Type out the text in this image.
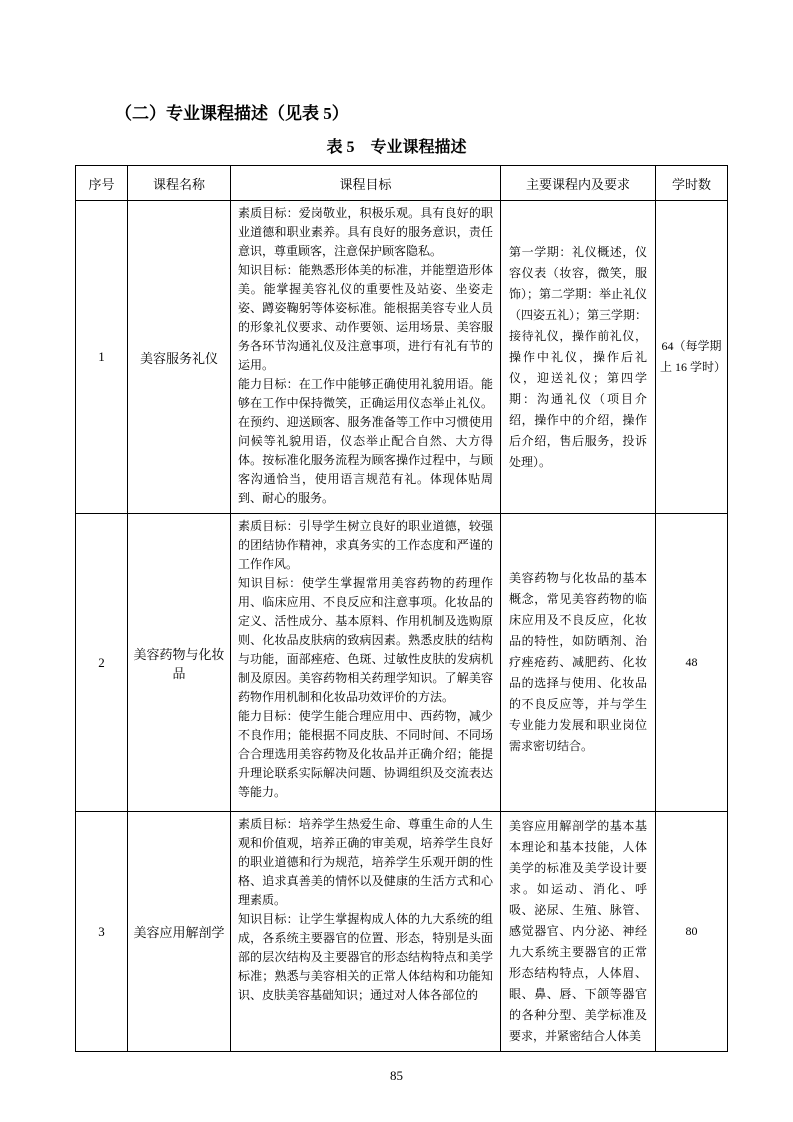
（二）专业课程描述（见表 5）

表 5　专业课程描述

序号	课程名称	课程目标	主要课程内及要求	学时数
1	美容服务礼仪	素质目标：爱岗敬业，积极乐观。具有良好的职业道德和职业素养。具有良好的服务意识，责任意识，尊重顾客，注意保护顾客隐私。

知识目标：能熟悉形体美的标准，并能塑造形体美。能掌握美容礼仪的重要性及站姿、坐姿走姿、蹲姿鞠躬等体姿标准。能根据美容专业人员的形象礼仪要求、动作要领、运用场景、美容服务各环节沟通礼仪及注意事项，进行有礼有节的运用。

能力目标：在工作中能够正确使用礼貌用语。能够在工作中保持微笑，正确运用仪态举止礼仪。在预约、迎送顾客、服务准备等工作中习惯使用问候等礼貌用语，仪态举止配合自然、大方得体。按标准化服务流程为顾客操作过程中，与顾客沟通恰当，使用语言规范有礼。体现体贴周到、耐心的服务。	第一学期：礼仪概述，仪容仪表（妆容，微笑，服饰）；第二学期：举止礼仪（四姿五礼）；第三学期：接待礼仪，操作前礼仪，操作中礼仪，操作后礼仪，迎送礼仪；第四学期：沟通礼仪（项目介绍，操作中的介绍，操作后介绍，售后服务，投诉处理）。	64（每学期上 16 学时）
2	美容药物与化妆品	素质目标：引导学生树立良好的职业道德，较强的团结协作精神，求真务实的工作态度和严谨的工作作风。

知识目标：使学生掌握常用美容药物的药理作用、临床应用、不良反应和注意事项。化妆品的定义、活性成分、基本原料、作用机制及选购原则、化妆品皮肤病的致病因素。熟悉皮肤的结构与功能，面部痤疮、色斑、过敏性皮肤的发病机制及原因。美容药物相关药理学知识。了解美容药物作用机制和化妆品功效评价的方法。

能力目标：使学生能合理应用中、西药物，减少不良作用；能根据不同皮肤、不同时间、不同场合合理选用美容药物及化妆品并正确介绍；能提升理论联系实际解决问题、协调组织及交流表达等能力。	美容药物与化妆品的基本概念，常见美容药物的临床应用及不良反应，化妆品的特性，如防晒剂、治疗痤疮药、减肥药、化妆品的选择与使用、化妆品的不良反应等，并与学生专业能力发展和职业岗位需求密切结合。	48
3	美容应用解剖学	素质目标：培养学生热爱生命、尊重生命的人生观和价值观，培养正确的审美观，培养学生良好的职业道德和行为规范，培养学生乐观开朗的性格、追求真善美的情怀以及健康的生活方式和心理素质。

知识目标：让学生掌握构成人体的九大系统的组成，各系统主要器官的位置、形态，特别是头面部的层次结构及主要器官的形态结构特点和美学标准；熟悉与美容相关的正常人体结构和功能知识、皮肤美容基础知识；通过对人体各部位的	美容应用解剖学的基本基本理论和基本技能，人体美学的标准及美学设计要求。如运动、消化、呼吸、泌尿、生殖、脉管、感觉器官、内分泌、神经九大系统主要器官的正常形态结构特点，人体眉、眼、鼻、唇、下颌等器官的各种分型、美学标准及要求，并紧密结合人体美	80
85
